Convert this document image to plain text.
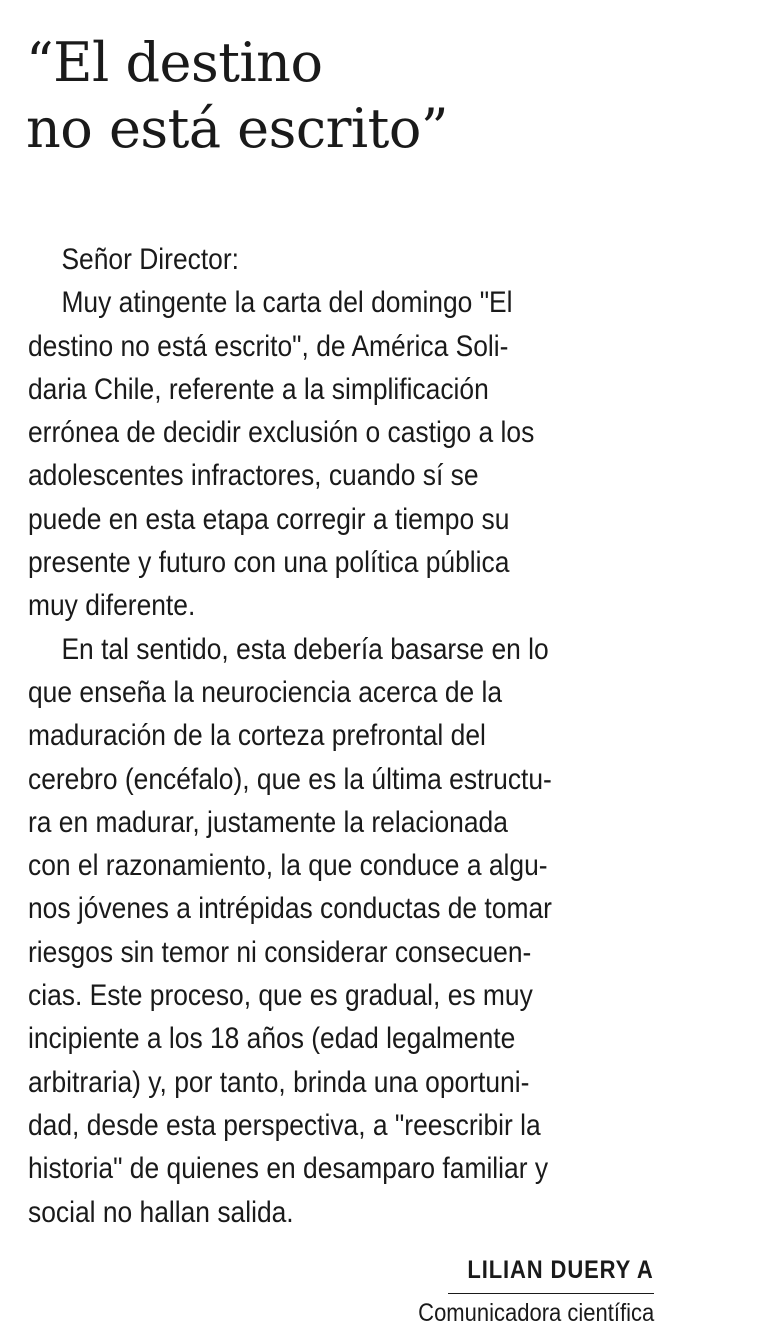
“El destino
no está escrito”
Señor Director:
Muy atingente la carta del domingo "El
destino no está escrito", de América Soli-
daria Chile, referente a la simplificación
errónea de decidir exclusión o castigo a los
adolescentes infractores, cuando sí se
puede en esta etapa corregir a tiempo su
presente y futuro con una política pública
muy diferente.
En tal sentido, esta debería basarse en lo
que enseña la neurociencia acerca de la
maduración de la corteza prefrontal del
cerebro (encéfalo), que es la última estructu-
ra en madurar, justamente la relacionada
con el razonamiento, la que conduce a algu-
nos jóvenes a intrépidas conductas de tomar
riesgos sin temor ni considerar consecuen-
cias. Este proceso, que es gradual, es muy
incipiente a los 18 años (edad legalmente
arbitraria) y, por tanto, brinda una oportuni-
dad, desde esta perspectiva, a "reescribir la
historia" de quienes en desamparo familiar y
social no hallan salida.
LILIAN DUERY A
Comunicadora científica
